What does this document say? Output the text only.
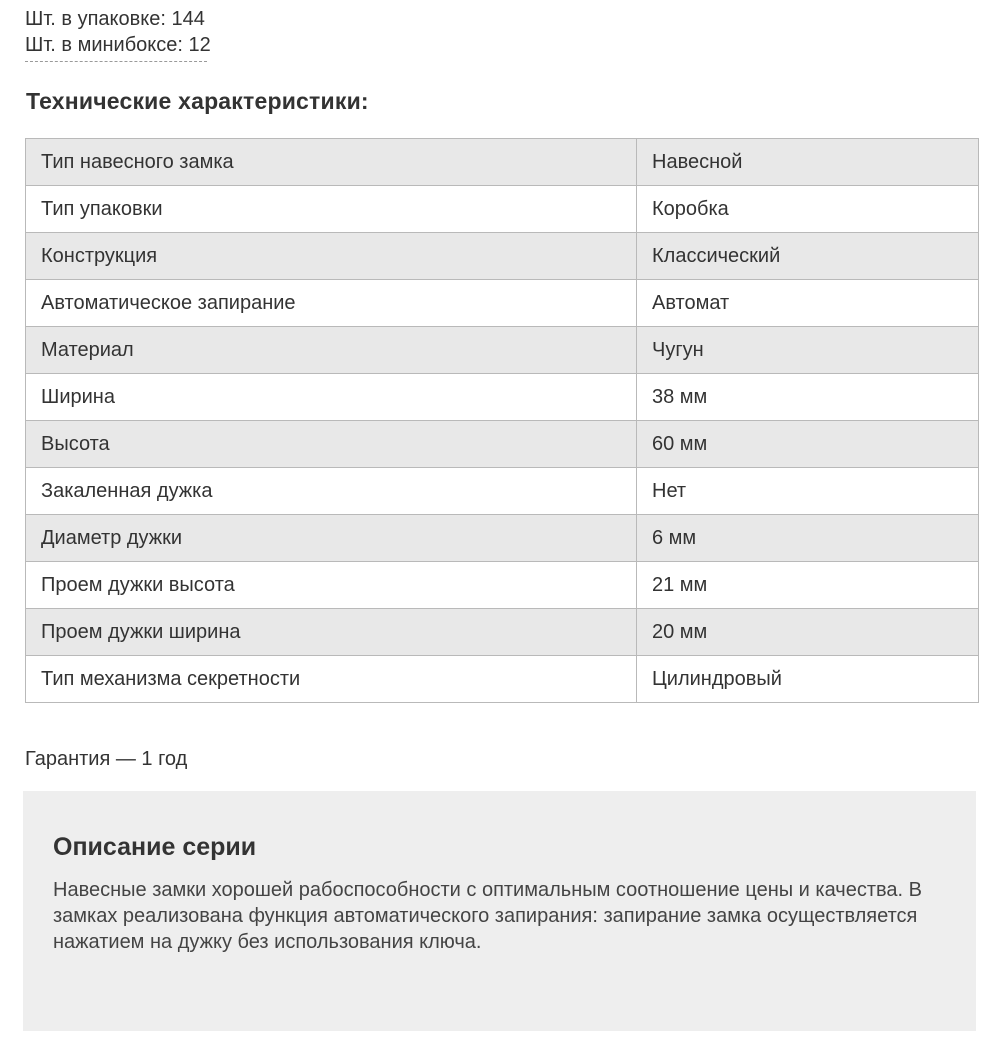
Шт. в упаковке: 144
Шт. в минибоксе: 12
Технические характеристики:
Тип навесного замка	Навесной
Тип упаковки	Коробка
Конструкция	Классический
Автоматическое запирание	Автомат
Материал	Чугун
Ширина	38 мм
Высота	60 мм
Закаленная дужка	Нет
Диаметр дужки	6 мм
Проем дужки высота	21 мм
Проем дужки ширина	20 мм
Тип механизма секретности	Цилиндровый
Гарантия — 1 год
Описание серии

Навесные замки хорошей рабоспособности с оптимальным соотношение цены и качества. В замках реализована функция автоматического запирания: запирание замка осуществляется нажатием на дужку без использования ключа.
